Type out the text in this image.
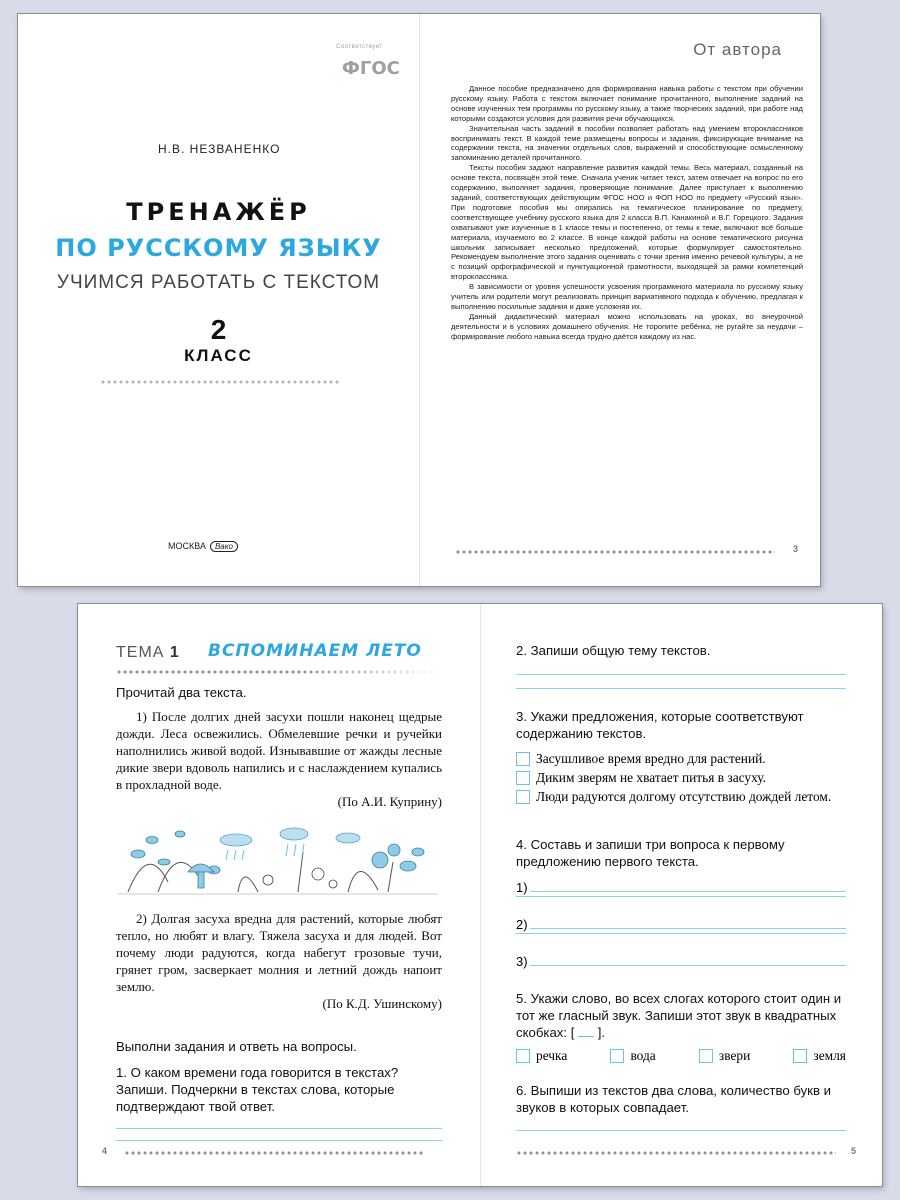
Соответствует
ФГОС
Н.В. НЕЗВАНЕНКО
ТРЕНАЖЁР
ПО РУССКОМУ ЯЗЫКУ
УЧИМСЯ РАБОТАТЬ С ТЕКСТОМ
2
КЛАСС
МОСКВА Вако
От автора

Данное пособие предназначено для формирования навыка работы с текстом при обучении русскому языку. Работа с текстом включает понимание прочитанного, выполнение заданий на основе изученных тем программы по русскому языку, а также творческих заданий, при работе над которыми создаются условия для развития речи обучающихся.

Значительная часть заданий в пособии позволяет работать над умением второклассников воспринимать текст. В каждой теме размещены вопросы и задания, фиксирующие внимание на содержании текста, на значении отдельных слов, выражений и способствующие осмысленному запоминанию деталей прочитанного.

Тексты пособия задают направление развития каждой темы. Весь материал, созданный на основе текста, посвящён этой теме. Сначала ученик читает текст, затем отвечает на вопрос по его содержанию, выполняет задания, проверяющие понимание. Далее приступает к выполнению заданий, соответствующих действующим ФГОС НОО и ФОП НОО по предмету «Русский язык». При подготовке пособия мы опирались на тематическое планирование по предмету, соответствующее учебнику русского языка для 2 класса В.П. Канакиной и В.Г. Горецкого. Задания охватывают уже изученные в 1 классе темы и постепенно, от темы к теме, включают всё больше материала, изучаемого во 2 классе. В конце каждой работы на основе тематического рисунка школьник записывает несколько предложений, которые формулирует самостоятельно. Рекомендуем выполнение этого задания оценивать с точки зрения именно речевой культуры, а не с позиций орфографической и пунктуационной грамотности, выходящей за рамки компетенций второклассника.

В зависимости от уровня успешности усвоения программного материала по русскому языку учитель или родители могут реализовать принцип вариативного подхода к обучению, предлагая к выполнению посильные задания и даже усложняя их.

Данный дидактический материал можно использовать на уроках, во внеурочной деятельности и в условиях домашнего обучения. Не торопите ребёнка, не ругайте за неудачи – формирование любого навыка всегда трудно даётся каждому из нас.

3
ТЕМА 1 ВСПОМИНАЕМ ЛЕТО
Прочитай два текста.

1) После долгих дней засухи пошли наконец щедрые дожди. Леса освежились. Обмелевшие речки и ручейки наполнились живой водой. Изнывавшие от жажды лесные дикие звери вдоволь напились и с наслаждением купались в прохладной воде.

(По А.И. Куприну)

2) Долгая засуха вредна для растений, которые любят тепло, но любят и влагу. Тяжела засуха и для людей. Вот почему люди радуются, когда набегут грозовые тучи, грянет гром, засверкает молния и летний дождь напоит землю.

(По К.Д. Ушинскому)
Выполни задания и ответь на вопросы.
1. О каком времени года говорится в текстах? Запиши. Подчеркни в текстах слова, которые подтверждают твой ответ.
4
2. Запиши общую тему текстов.
3. Укажи предложения, которые соответствуют содержанию текстов.
Засушливое время вредно для растений.
Диким зверям не хватает питья в засуху.
Люди радуются долгому отсутствию дождей летом.
4. Составь и запиши три вопроса к первому предложению первого текста.
1)
2)
3)
5. Укажи слово, во всех слогах которого стоит один и тот же гласный звук. Запиши этот звук в квадратных скобках: [ ].
речка	вода	звери	земля
6. Выпиши из текстов два слова, количество букв и звуков в которых совпадает.
5
